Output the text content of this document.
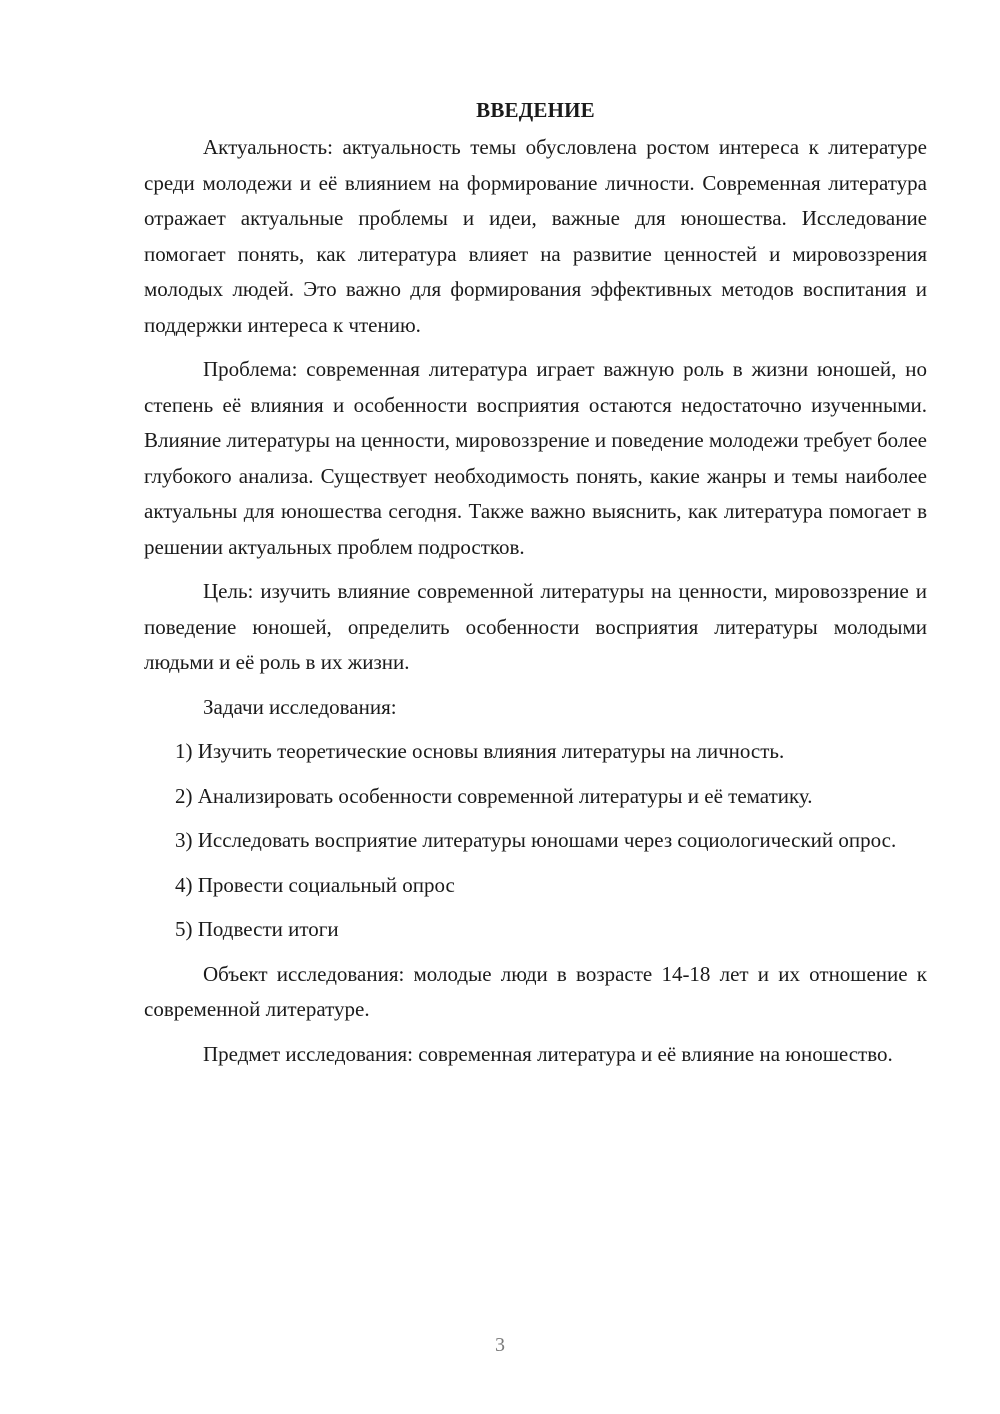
ВВЕДЕНИЕ

Актуальность: актуальность темы обусловлена ростом интереса к литературе среди молодежи и её влиянием на формирование личности. Современная литература отражает актуальные проблемы и идеи, важные для юношества. Исследование помогает понять, как литература влияет на развитие ценностей и мировоззрения молодых людей. Это важно для формирования эффективных методов воспитания и поддержки интереса к чтению.

Проблема: современная литература играет важную роль в жизни юношей, но степень её влияния и особенности восприятия остаются недостаточно изученными. Влияние литературы на ценности, мировоззрение и поведение молодежи требует более глубокого анализа. Существует необходимость понять, какие жанры и темы наиболее актуальны для юношества сегодня. Также важно выяснить, как литература помогает в решении актуальных проблем подростков.

Цель: изучить влияние современной литературы на ценности, мировоззрение и поведение юношей, определить особенности восприятия литературы молодыми людьми и её роль в их жизни.

Задачи исследования:

1) Изучить теоретические основы влияния литературы на личность.

2) Анализировать особенности современной литературы и её тематику.

3) Исследовать восприятие литературы юношами через социологический опрос.

4) Провести социальный опрос

5) Подвести итоги

Объект исследования: молодые люди в возрасте 14-18 лет и их отношение к современной литературе.

Предмет исследования: современная литература и её влияние на юношество.

3
